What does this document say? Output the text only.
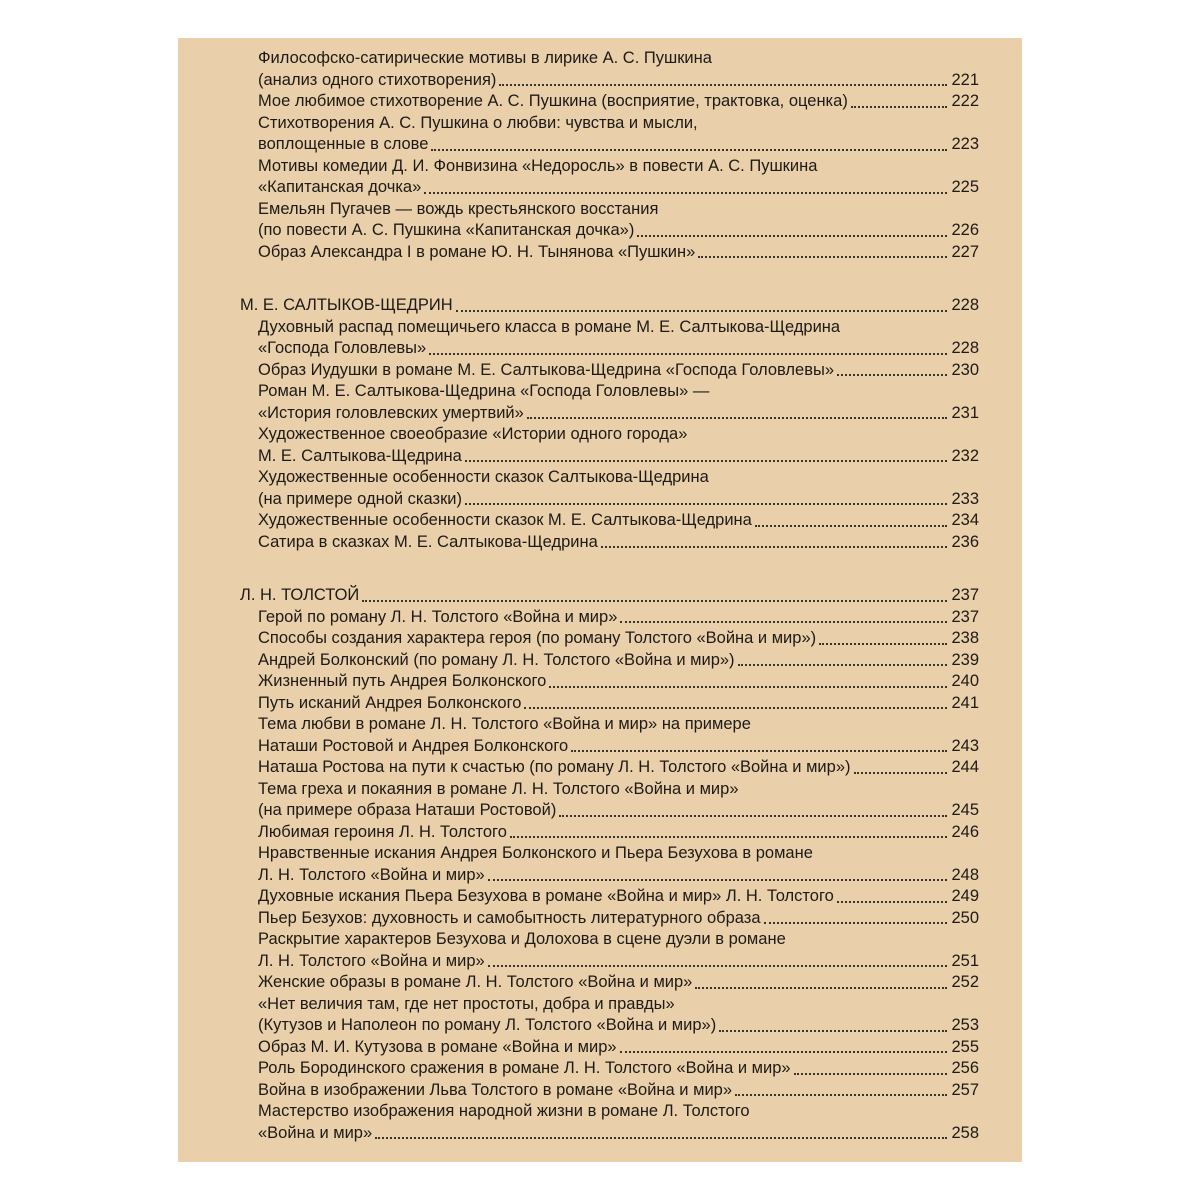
Философско-сатирические мотивы в лирике А. С. Пушкина
(анализ одного стихотворения)	221
Мое любимое стихотворение А. С. Пушкина (восприятие, трактовка, оценка)	222
Стихотворения А. С. Пушкина о любви: чувства и мысли,
воплощенные в слове	223
Мотивы комедии Д. И. Фонвизина «Недоросль» в повести А. С. Пушкина
«Капитанская дочка»	225
Емельян Пугачев — вождь крестьянского восстания
(по повести А. С. Пушкина «Капитанская дочка»)	226
Образ Александра I в романе Ю. Н. Тынянова «Пушкин»	227
М. Е. САЛТЫКОВ-ЩЕДРИН	228
Духовный распад помещичьего класса в романе М. Е. Салтыкова-Щедрина
«Господа Головлевы»	228
Образ Иудушки в романе М. Е. Салтыкова-Щедрина «Господа Головлевы»	230
Роман М. Е. Салтыкова-Щедрина «Господа Головлевы» —
«История головлевских умертвий»	231
Художественное своеобразие «Истории одного города»
М. Е. Салтыкова-Щедрина	232
Художественные особенности сказок Салтыкова-Щедрина
(на примере одной сказки)	233
Художественные особенности сказок М. Е. Салтыкова-Щедрина	234
Сатира в сказках М. Е. Салтыкова-Щедрина	236
Л. Н. ТОЛСТОЙ	237
Герой по роману Л. Н. Толстого «Война и мир»	237
Способы создания характера героя (по роману Толстого «Война и мир»)	238
Андрей Болконский (по роману Л. Н. Толстого «Война и мир»)	239
Жизненный путь Андрея Болконского	240
Путь исканий Андрея Болконского	241
Тема любви в романе Л. Н. Толстого «Война и мир» на примере
Наташи Ростовой и Андрея Болконского	243
Наташа Ростова на пути к счастью (по роману Л. Н. Толстого «Война и мир»)	244
Тема греха и покаяния в романе Л. Н. Толстого «Война и мир»
(на примере образа Наташи Ростовой)	245
Любимая героиня Л. Н. Толстого	246
Нравственные искания Андрея Болконского и Пьера Безухова в романе
Л. Н. Толстого «Война и мир»	248
Духовные искания Пьера Безухова в романе «Война и мир» Л. Н. Толстого	249
Пьер Безухов: духовность и самобытность литературного образа	250
Раскрытие характеров Безухова и Долохова в сцене дуэли в романе
Л. Н. Толстого «Война и мир»	251
Женские образы в романе Л. Н. Толстого «Война и мир»	252
«Нет величия там, где нет простоты, добра и правды»
(Кутузов и Наполеон по роману Л. Толстого «Война и мир»)	253
Образ М. И. Кутузова в романе «Война и мир»	255
Роль Бородинского сражения в романе Л. Н. Толстого «Война и мир»	256
Война в изображении Льва Толстого в романе «Война и мир»	257
Мастерство изображения народной жизни в романе Л. Толстого
«Война и мир»	258
